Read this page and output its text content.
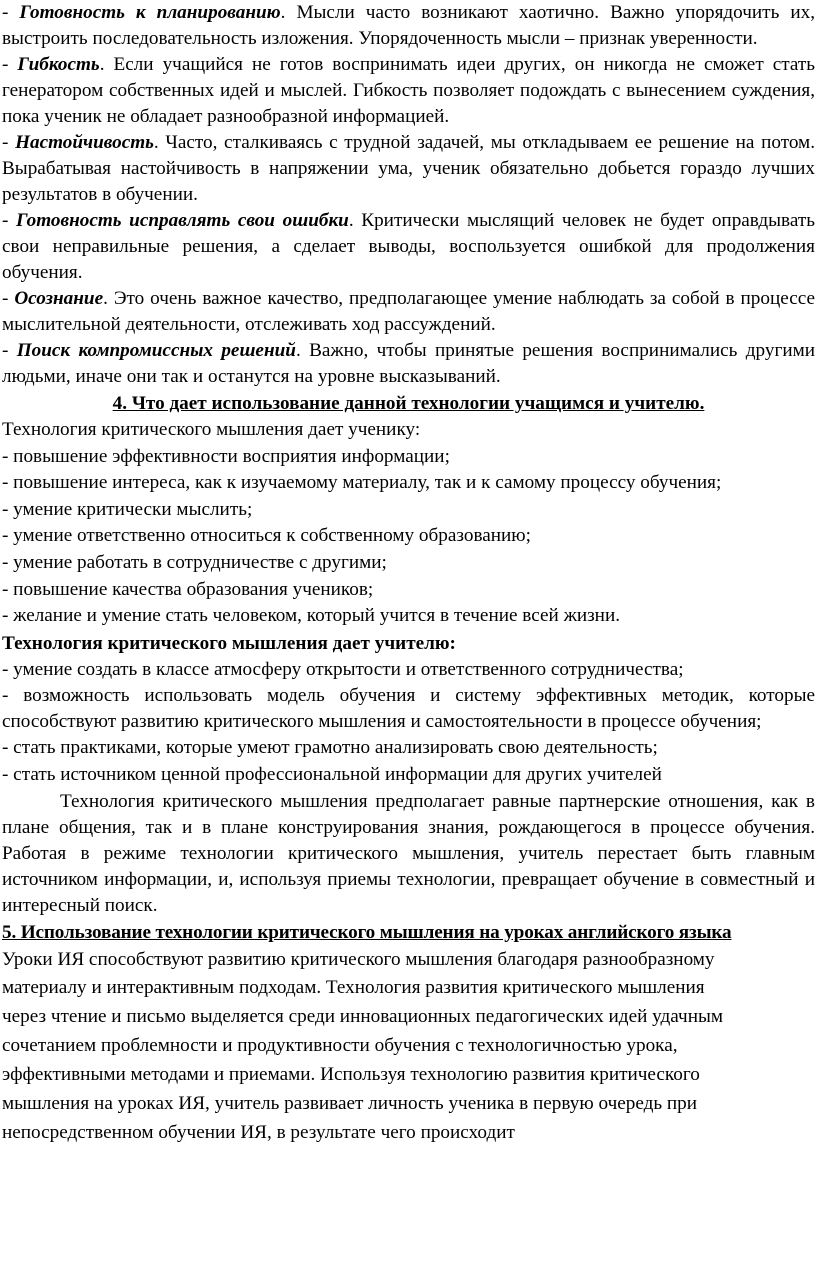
- Готовность к планированию. Мысли часто возникают хаотично. Важно упорядочить их, выстроить последовательность изложения. Упорядоченность мысли – признак уверенности.

- Гибкость. Если учащийся не готов воспринимать идеи других, он никогда не сможет стать генератором собственных идей и мыслей. Гибкость позволяет подождать с вынесением суждения, пока ученик не обладает разнообразной информацией.

- Настойчивость. Часто, сталкиваясь с трудной задачей, мы откладываем ее решение на потом. Вырабатывая настойчивость в напряжении ума, ученик обязательно добьется гораздо лучших результатов в обучении.

- Готовность исправлять свои ошибки. Критически мыслящий человек не будет оправдывать свои неправильные решения, а сделает выводы, воспользуется ошибкой для продолжения обучения.

- Осознание. Это очень важное качество, предполагающее умение наблюдать за собой в процессе мыслительной деятельности, отслеживать ход рассуждений.

- Поиск компромиссных решений. Важно, чтобы принятые решения воспринимались другими людьми, иначе они так и останутся на уровне высказываний.

4. Что дает использование данной технологии учащимся и учителю.
Технология критического мышления дает ученику:
- повышение эффективности восприятия информации;
- повышение интереса, как к изучаемому материалу, так и к самому процессу обучения;
- умение критически мыслить;
- умение ответственно относиться к собственному образованию;
- умение работать в сотрудничестве с другими;
- повышение качества образования учеников;
- желание и умение стать человеком, который учится в течение всей жизни.
Технология критического мышления дает учителю:
- умение создать в классе атмосферу открытости и ответственного сотрудничества;

- возможность использовать модель обучения и систему эффективных методик, которые способствуют развитию критического мышления и самостоятельности в процессе обучения;

- стать практиками, которые умеют грамотно анализировать свою деятельность;
- стать источником ценной профессиональной информации для других учителей

Технология критического мышления предполагает равные партнерские отношения, как в плане общения, так и в плане конструирования знания, рождающегося в процессе обучения. Работая в режиме технологии критического мышления, учитель перестает быть главным источником информации, и, используя приемы технологии, превращает обучение в совместный и интересный поиск.

5. Использование технологии критического мышления на уроках английского языка
Уроки ИЯ способствуют развитию критического мышления благодаря разнообразному
материалу и интерактивным подходам. Технология развития критического мышления
через чтение и письмо выделяется среди инновационных педагогических идей удачным
сочетанием проблемности и продуктивности обучения с технологичностью урока,
эффективными методами и приемами. Используя технологию развития критического
мышления на уроках ИЯ, учитель развивает личность ученика в первую очередь при
непосредственном обучении ИЯ, в результате чего происходит
